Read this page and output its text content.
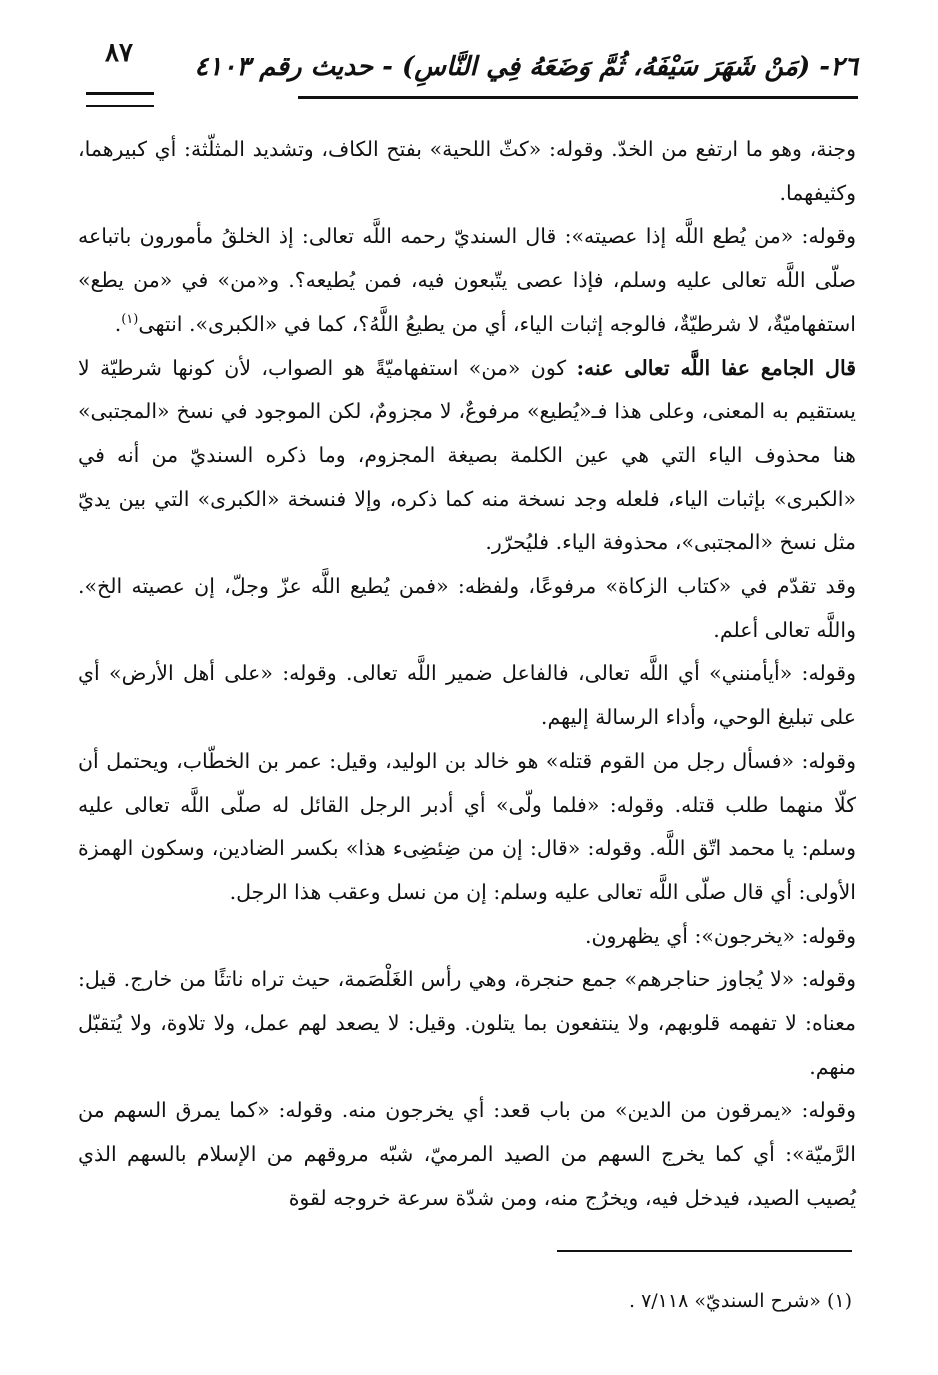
٢٦- (مَنْ شَهَرَ سَيْفَهُ، ثُمَّ وَضَعَهُ فِي النَّاسِ) - حديث رقم ٤١٠٣
٨٧

وجنة، وهو ما ارتفع من الخدّ. وقوله: «كثّ اللحية» بفتح الكاف، وتشديد المثلّثة: أي كبيرهما، وكثيفهما.

وقوله: «من يُطع اللَّه إذا عصيته»: قال السنديّ رحمه اللَّه تعالى: إذ الخلقُ مأمورون باتباعه صلّى اللَّه تعالى عليه وسلم، فإذا عصى يتّبعون فيه، فمن يُطيعه؟. و«من» في «من يطع» استفهاميّةٌ، لا شرطيّةٌ، فالوجه إثبات الياء، أي من يطيعُ اللَّهُ؟، كما في «الكبرى». انتهى$^{(١)}$.

قال الجامع عفا اللَّه تعالى عنه: كون «من» استفهاميّةً هو الصواب، لأن كونها شرطيّة لا يستقيم به المعنى، وعلى هذا فـ«يُطيع» مرفوعٌ، لا مجزومٌ، لكن الموجود في نسخ «المجتبى» هنا محذوف الياء التي هي عين الكلمة بصيغة المجزوم، وما ذكره السنديّ من أنه في «الكبرى» بإثبات الياء، فلعله وجد نسخة منه كما ذكره، وإلا فنسخة «الكبرى» التي بين يديّ مثل نسخ «المجتبى»، محذوفة الياء. فليُحرّر.

وقد تقدّم في «كتاب الزكاة» مرفوعًا، ولفظه: «فمن يُطيع اللَّه عزّ وجلّ، إن عصيته الخ». واللَّه تعالى أعلم.

وقوله: «أيأمنني» أي اللَّه تعالى، فالفاعل ضمير اللَّه تعالى. وقوله: «على أهل الأرض» أي على تبليغ الوحي، وأداء الرسالة إليهم.

وقوله: «فسأل رجل من القوم قتله» هو خالد بن الوليد، وقيل: عمر بن الخطّاب، ويحتمل أن كلّا منهما طلب قتله. وقوله: «فلما ولّى» أي أدبر الرجل القائل له صلّى اللَّه تعالى عليه وسلم: يا محمد اتّق اللَّه. وقوله: «قال: إن من ضِئضِىء هذا» بكسر الضادين، وسكون الهمزة الأولى: أي قال صلّى اللَّه تعالى عليه وسلم: إن من نسل وعقب هذا الرجل.

وقوله: «يخرجون»: أي يظهرون.

وقوله: «لا يُجاوز حناجرهم» جمع حنجرة، وهي رأس الغَلْصَمة، حيث تراه ناتئًا من خارج. قيل: معناه: لا تفهمه قلوبهم، ولا ينتفعون بما يتلون. وقيل: لا يصعد لهم عمل، ولا تلاوة، ولا يُتقبّل منهم.

وقوله: «يمرقون من الدين» من باب قعد: أي يخرجون منه. وقوله: «كما يمرق السهم من الرَّميّة»: أي كما يخرج السهم من الصيد المرميّ، شبّه مروقهم من الإسلام بالسهم الذي يُصيب الصيد، فيدخل فيه، ويخرُج منه، ومن شدّة سرعة خروجه لقوة

(١) «شرح السنديّ» ٧/١١٨ .
